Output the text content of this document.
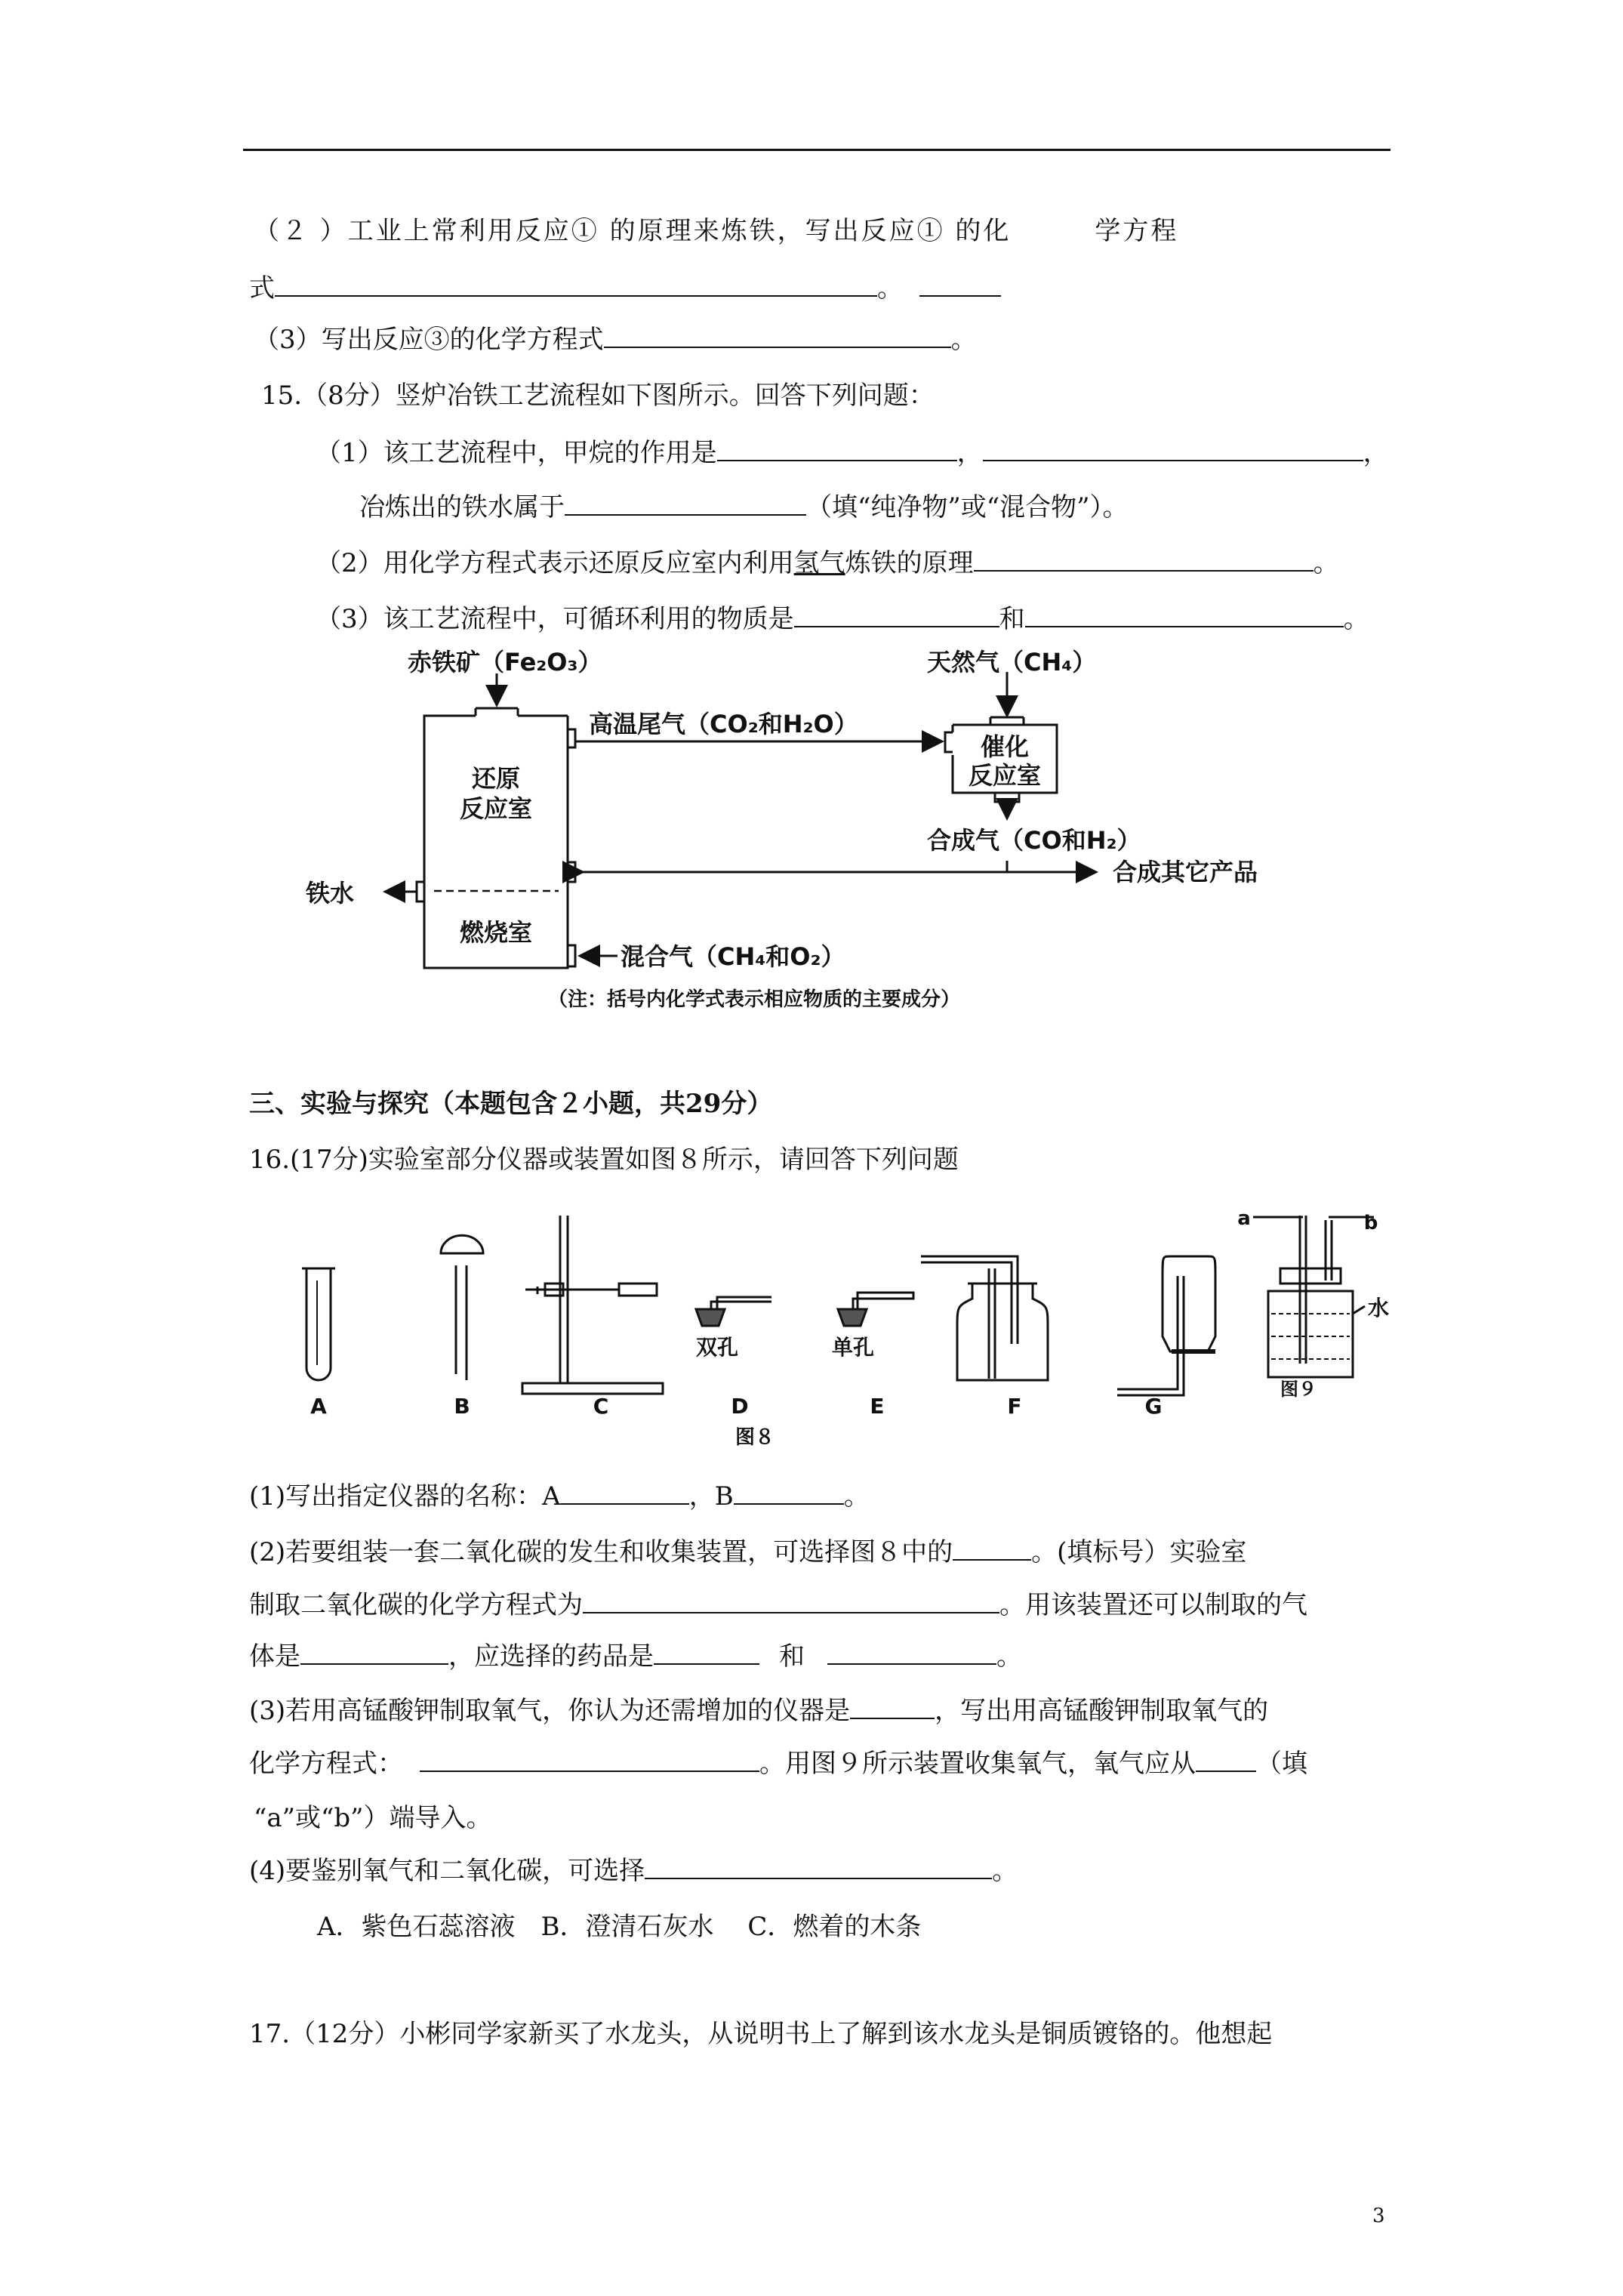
（２ ）工业上常利用反应① 的原理来炼铁，写出反应① 的化　　　学方程
式	。
（3）写出反应③的化学方程式	。
15.（8分）竖炉冶铁工艺流程如下图所示。回答下列问题：
（1）该工艺流程中，甲烷的作用是	，	，
冶炼出的铁水属于	（填“纯净物”或“混合物”）。
（2）用化学方程式表示还原反应室内利用氢气炼铁的原理	。
（3）该工艺流程中，可循环利用的物质是	和	。
赤铁矿（Fe₂O₃）	天然气（CH₄）
高温尾气（CO₂和H₂O）
催化
反应室
还原
反应室
合成气（CO和H₂）
合成其它产品
铁水
燃烧室
混合气（CH₄和O₂）
（注：括号内化学式表示相应物质的主要成分）
三、实验与探究（本题包含２小题，共29分）
16.(17分)实验室部分仪器或装置如图８所示，请回答下列问题
A	B	C	D	E	F	G
双孔	单孔
图８
图９
a	b
水
(1)写出指定仪器的名称：A	，B	。
(2)若要组装一套二氧化碳的发生和收集装置，可选择图８中的	。(填标号）实验室
制取二氧化碳的化学方程式为	。用该装置还可以制取的气
体是	，应选择的药品是	和	。
(3)若用高锰酸钾制取氧气，你认为还需增加的仪器是	，写出用高锰酸钾制取氧气的
化学方程式：	。用图９所示装置收集氧气，氧气应从 （填
“a”或“b”）端导入。
(4)要鉴别氧气和二氧化碳，可选择	。
A．紫色石蕊溶液　B．澄清石灰水　 C．燃着的木条
17.（12分）小彬同学家新买了水龙头，从说明书上了解到该水龙头是铜质镀铬的。他想起
3
